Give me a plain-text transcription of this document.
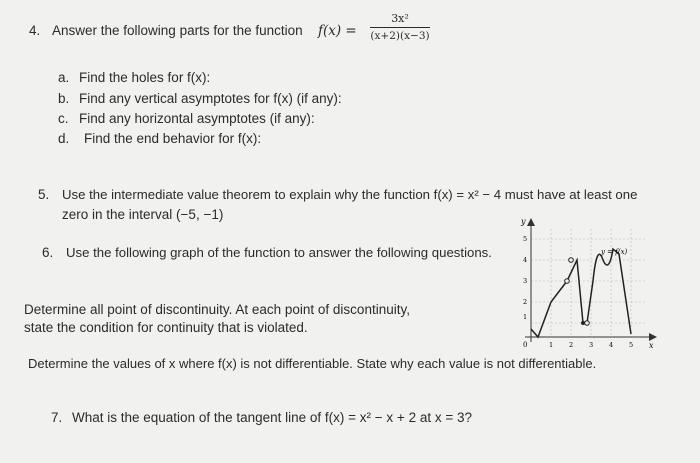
4. Answer the following parts for the function f(x) =
3x²
(x+2)(x−3)
a. Find the holes for f(x):
b. Find any vertical asymptotes for f(x) (if any):
c. Find any horizontal asymptotes (if any):
d. Find the end behavior for f(x):
5. Use the intermediate value theorem to explain why the function f(x) = x² − 4 must have at least one
zero in the interval (−5, −1)
6. Use the following graph of the function to answer the following questions.
Determine all point of discontinuity. At each point of discontinuity,
state the condition for continuity that is violated.
Determine the values of x where f(x) is not differentiable. State why each value is not differentiable.
7. What is the equation of the tangent line of f(x) = x² − x + 2 at x = 3?
y
x
0
1
2
3
4
5
1 2 3 4 5
y = f(x)
